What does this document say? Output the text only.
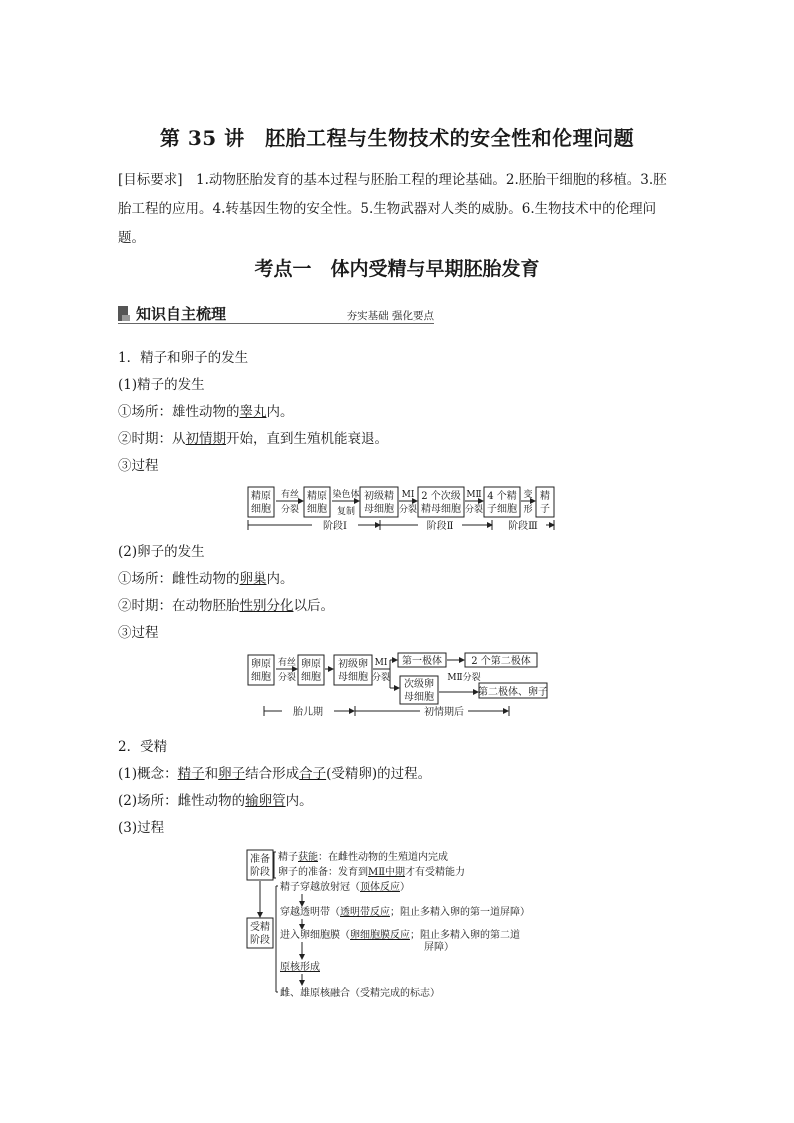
第 35 讲　胚胎工程与生物技术的安全性和伦理问题
[目标要求]　1.动物胚胎发育的基本过程与胚胎工程的理论基础。2.胚胎干细胞的移植。3.胚
胎工程的应用。4.转基因生物的安全性。5.生物武器对人类的威胁。6.生物技术中的伦理问题。
考点一　体内受精与早期胚胎发育
知识自主梳理	夯实基础 强化要点
1．精子和卵子的发生
(1)精子的发生
①场所：雄性动物的睾丸内。
②时期：从初情期开始，直到生殖机能衰退。
③过程
精原
细胞
有丝
分裂
精原
细胞
染色体
复制
初级精
母细胞
MⅠ
分裂
2 个次级
精母细胞
MⅡ
分裂
4 个精
子细胞
变
形
精
子
阶段Ⅰ	阶段Ⅱ	阶段Ⅲ
(2)卵子的发生
①场所：雌性动物的卵巢内。
②时期：在动物胚胎性别分化以后。
③过程
卵原
细胞
有丝
分裂
卵原
细胞
初级卵
母细胞
MⅠ
分裂
第一极体	2 个第二极体
次级卵
母细胞
MⅡ分裂
第二极体、卵子
胎儿期	初情期后
2．受精
(1)概念：精子和卵子结合形成合子(受精卵)的过程。
(2)场所：雌性动物的输卵管内。
(3)过程
准备
阶段
精子获能：在雌性动物的生殖道内完成
卵子的准备：发育到MⅡ中期才有受精能力
受精
阶段
精子穿越放射冠（顶体反应）
穿越透明带（透明带反应；阻止多精入卵的第一道屏障）
进入卵细胞膜（卵细胞膜反应；阻止多精入卵的第二道
屏障）
原核形成
雌、雄原核融合（受精完成的标志）
